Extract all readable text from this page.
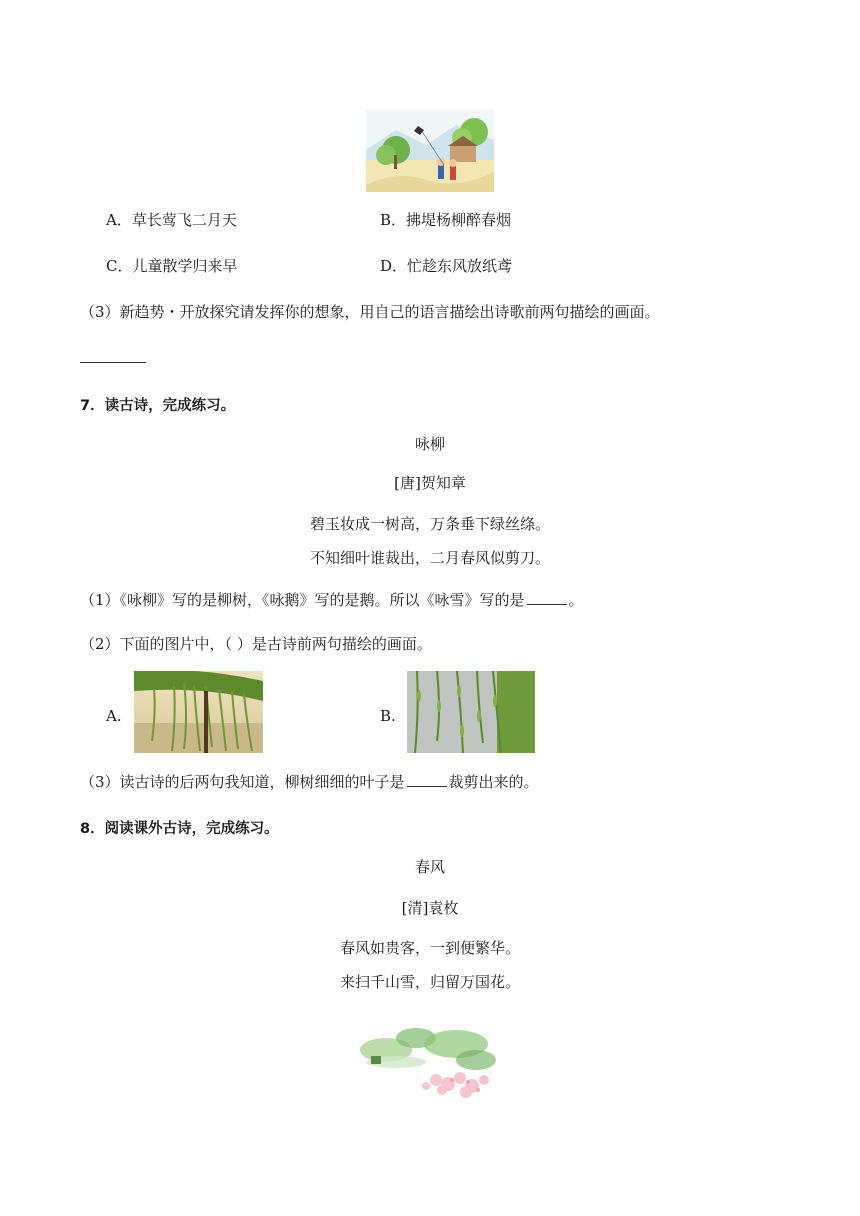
A．草长莺飞二月天	B．拂堤杨柳醉春烟
C．儿童散学归来早	D．忙趁东风放纸鸢
（3）新趋势・开放探究请发挥你的想象，用自己的语言描绘出诗歌前两句描绘的画面。
7．读古诗，完成练习。
咏柳
[唐]贺知章
碧玉妆成一树高，万条垂下绿丝绦。
不知细叶谁裁出，二月春风似剪刀。
（1）《咏柳》写的是柳树，《咏鹅》写的是鹅。所以《咏雪》写的是	。
（2）下面的图片中，（ ）是古诗前两句描绘的画面。
A.	B.
（3）读古诗的后两句我知道，柳树细细的叶子是	裁剪出来的。
8．阅读课外古诗，完成练习。
春风
[清]袁枚
春风如贵客，一到便繁华。
来扫千山雪，归留万国花。
